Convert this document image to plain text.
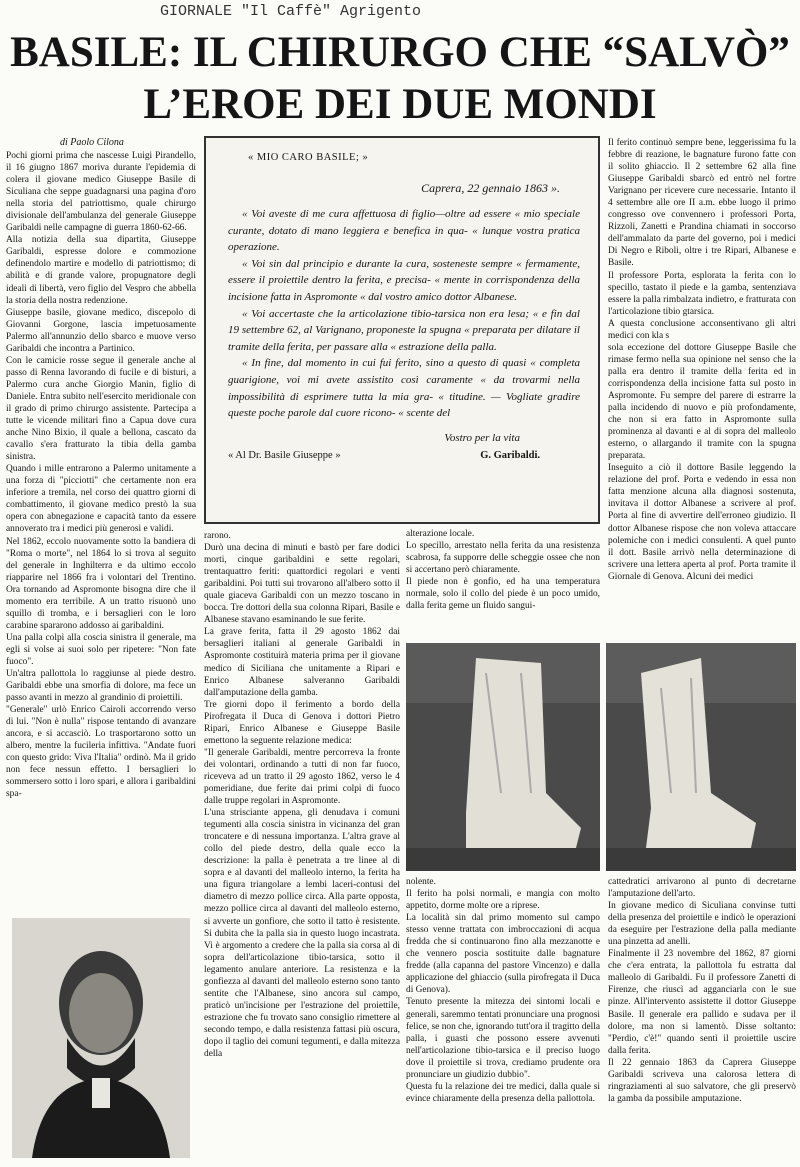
GIORNALE "Il Caffè" Agrigento
BASILE: IL CHIRURGO CHE “SALVÒ”
L’EROE DEI DUE MONDI
di Paolo Cilona

Pochi giorni prima che nascesse Luigi Pirandello, il 16 giugno 1867 moriva durante l'epidemia di colera il giovane medico Giuseppe Basile di Siculiana che seppe guadagnarsi una pagina d'oro nella storia del patriottismo, quale chirurgo divisionale dell'ambulanza del generale Giuseppe Garibaldi nelle campagne di guerra 1860-62-66.

Alla notizia della sua dipartita, Giuseppe Garibaldi, espresse dolore e commozione definendolo martire e modello di patriottismo; di abilità e di grande valore, propugnatore degli ideali di libertà, vero figlio del Vespro che abbella la storia della nostra redenzione.

Giuseppe basile, giovane medico, discepolo di Giovanni Gorgone, lascia impetuosamente Palermo all'annunzio dello sbarco e muove verso Garibaldi che incontra a Partinico.

Con le camicie rosse segue il generale anche al passo di Renna lavorando di fucile e di bisturi, a Palermo cura anche Giorgio Manin, figlio di Daniele. Entra subito nell'esercito meridionale con il grado di primo chirurgo assistente. Partecipa a tutte le vicende militari fino a Capua dove cura anche Nino Bixio, il quale a bellona, cascato da cavallo s'era fratturato la tibia della gamba sinistra.

Quando i mille entrarono a Palermo unitamente a una forza di "picciotti" che certamente non era inferiore a tremila, nel corso dei quattro giorni di combattimento, il giovane medico prestò la sua opera con abnegazione e capacità tanto da essere annoverato tra i medici più generosi e validi.

Nel 1862, eccolo nuovamente sotto la bandiera di "Roma o morte", nel 1864 lo si trova al seguito del generale in Inghilterra e da ultimo eccolo riapparire nel 1866 fra i volontari del Trentino. Ora tornando ad Aspromonte bisogna dire che il momento era terribile. A un tratto risuonò uno squillo di tromba, e i bersaglieri con le loro carabine spararono addosso ai garibaldini.

Una palla colpì alla coscia sinistra il generale, ma egli si volse ai suoi solo per ripetere: "Non fate fuoco".

Un'altra pallottola lo raggiunse al piede destro. Garibaldi ebbe una smorfia di dolore, ma fece un passo avanti in mezzo al grandinio di proiettili.

"Generale" urlò Enrico Cairoli accorrendo verso di lui. "Non è nulla" rispose tentando di avanzare ancora, e si accasciò. Lo trasportarono sotto un albero, mentre la fucileria infittiva. "Andate fuori con questo grido: Viva l'Italia" ordinò. Ma il grido non fece nessun effetto. I bersaglieri lo sommersero sotto i loro spari, e allora i garibaldini spa-

« MIO CARO BASILE; »
Caprera, 22 gennaio 1863 ».

« Voi aveste di me cura affettuosa di figlio—oltre ad essere « mio speciale curante, dotato di mano leggiera e benefica in qua- « lunque vostra pratica operazione.

« Voi sin dal principio e durante la cura, sosteneste sempre « fermamente, essere il proiettile dentro la ferita, e precisa- « mente in corrispondenza della incisione fatta in Aspromonte « dal vostro amico dottor Albanese.

« Voi accertaste che la articolazione tibio-tarsica non era lesa; « e fin dal 19 settembre 62, al Varignano, proponeste la spugna « preparata per dilatare il tramite della ferita, per passare alla « estrazione della palla.

« In fine, dal momento in cui fui ferito, sino a questo di quasi « completa guarigione, voi mi avete assistito così caramente « da trovarmi nella impossibilità di esprimere tutta la mia gra- « titudine. — Vogliate gradire queste poche parole dal cuore ricono- « scente del

Vostro per la vita
« Al Dr. Basile Giuseppe »	G. Garibaldi.

rarono.

Durò una decina di minuti e bastò per fare dodici morti, cinque garibaldini e sette regolari, trentaquattro feriti: quattordici regolari e venti garibaldini. Poi tutti sui trovarono all'albero sotto il quale giaceva Garibaldi con un mezzo toscano in bocca. Tre dottori della sua colonna Ripari, Basile e Albanese stavano esaminando le sue ferite.

La grave ferita, fatta il 29 agosto 1862 dai bersaglieri italiani al generale Garibaldi in Aspromonte costituirà materia prima per il giovane medico di Siciliana che unitamente a Ripari e Enrico Albanese salveranno Garibaldi dall'amputazione della gamba.

Tre giorni dopo il ferimento a bordo della Pirofregata il Duca di Genova i dottori Pietro Ripari, Enrico Albanese e Giuseppe Basile emettono la seguente relazione medica:

"Il generale Garibaldi, mentre percorreva la fronte dei volontari, ordinando a tutti di non far fuoco, riceveva ad un tratto il 29 agosto 1862, verso le 4 pomeridiane, due ferite dai primi colpi di fuoco dalle truppe regolari in Aspromonte.

L'una strisciante appena, gli denudava i comuni tegumenti alla coscia sinistra in vicinanza del gran troncatere e di nessuna importanza. L'altra grave al collo del piede destro, della quale ecco la descrizione: la palla è penetrata a tre linee al di sopra e al davanti del malleolo interno, la ferita ha una figura triangolare a lembi laceri-contusi del diametro di mezzo pollice circa. Alla parte opposta, mezzo pollice circa al davanti del malleolo esterno, si avverte un gonfiore, che sotto il tatto è resistente. Si dubita che la palla sia in questo luogo incastrata. Vi è argomento a credere che la palla sia corsa al di sopra dell'articolazione tibio-tarsica, sotto il legamento anulare anteriore. La resistenza e la gonfiezza al davanti del malleolo esterno sono tanto sentite che l'Albanese, sino ancora sul campo, praticò un'incisione per l'estrazione del proiettile, estrazione che fu trovato sano consiglio rimettere al secondo tempo, e dalla resistenza fattasi più oscura, dopo il taglio dei comuni tegumenti, e dalla mitezza della

alterazione locale.

Lo specillo, arrestato nella ferita da una resistenza scabrosa, fa supporre delle scheggie ossee che non si accertano però chiaramente.

Il piede non è gonfio, ed ha una temperatura normale, solo il collo del piede è un poco umido, dalla ferita geme un fluido sangui-

nolente.

Il ferito ha polsi normali, e mangia con molto appetito, dorme molte ore a riprese.

La località sin dal primo momento sul campo stesso venne trattata con imbroccazioni di acqua fredda che si continuarono fino alla mezzanotte e che vennero poscia sostituite dalle bagnature fredde (alla capanna del pastore Vincenzo) e dalla applicazione del ghiaccio (sulla pirofregata il Duca di Genova).

Tenuto presente la mitezza dei sintomi locali e generali, saremmo tentati pronunciare una prognosi felice, se non che, ignorando tutt'ora il tragitto della palla, i guasti che possono essere avvenuti nell'articolazione tibio-tarsica e il preciso luogo dove il proiettile si trova, crediamo prudente ora pronunciare un giudizio dubbio".

Questa fu la relazione dei tre medici, dalla quale si evince chiaramente della presenza della pallottola.

Il ferito continuò sempre bene, leggerissima fu la febbre di reazione, le bagnature furono fatte con il solito ghiaccio. Il 2 settembre 62 alla fine Giuseppe Garibaldi sbarcò ed entrò nel fortre Varignano per ricevere cure necessarie. Intanto il 4 settembre alle ore II a.m. ebbe luogo il primo congresso ove convennero i professori Porta, Rizzoli, Zanetti e Prandina chiamati in soccorso dell'ammalato da parte del governo, poi i medici Di Negro e Riboli, oltre i tre Ripari, Albanese e Basile.

Il professore Porta, esplorata la ferita con lo specillo, tastato il piede e la gamba, sentenziava essere la palla rimbalzata indietro, e fratturata con l'articolazione tibio gtarsica.

A questa conclusione acconsentivano gli altri medici con kla s

sola eccezione del dottore Giuseppe Basile che rimase fermo nella sua opinione nel senso che la palla era dentro il tramite della ferita ed in corrispondenza della incisione fatta sul posto in Aspromonte. Fu sempre del parere di estrarre la palla incidendo di nuovo e più profondamente, che non si era fatto in Aspromonte sulla prominenza al davanti e al di sopra del malleolo esterno, o allargando il tramite con la spugna preparata.

Inseguito a ciò il dottore Basile leggendo la relazione del prof. Porta e vedendo in essa non fatta menzione alcuna alla diagnosi sostenuta, invitava il dottor Albanese a scrivere al prof. Porta al fine di avvertire dell'erroneo giudizio. Il dottor Albanese rispose che non voleva attaccare polemiche con i medici consulenti. A quel punto il dott. Basile arrivò nella determinazione di scrivere una lettera aperta al prof. Porta tramite il Giornale di Genova. Alcuni dei medici

cattedratici arrivarono al punto di decretarne l'amputazione dell'arto.

In giovane medico di Siculiana convinse tutti della presenza del proiettile e indicò le operazioni da eseguire per l'estrazione della palla mediante una pinzetta ad anelli.

Finalmente il 23 novembre del 1862, 87 giorni che c'era entrata, la pallottola fu estratta dal malleolo di Garibaldi. Fu il professore Zanetti di Firenze, che riuscì ad agganciarla con le sue pinze. All'intervento assistette il dottor Giuseppe Basile. Il generale era pallido e sudava per il dolore, ma non si lamentò. Disse soltanto: "Perdio, c'è!" quando sentì il proiettile uscire dalla ferita.

Il 22 gennaio 1863 da Caprera Giuseppe Garibaldi scriveva una calorosa lettera di ringraziamenti al suo salvatore, che gli preservò la gamba da possibile amputazione.
